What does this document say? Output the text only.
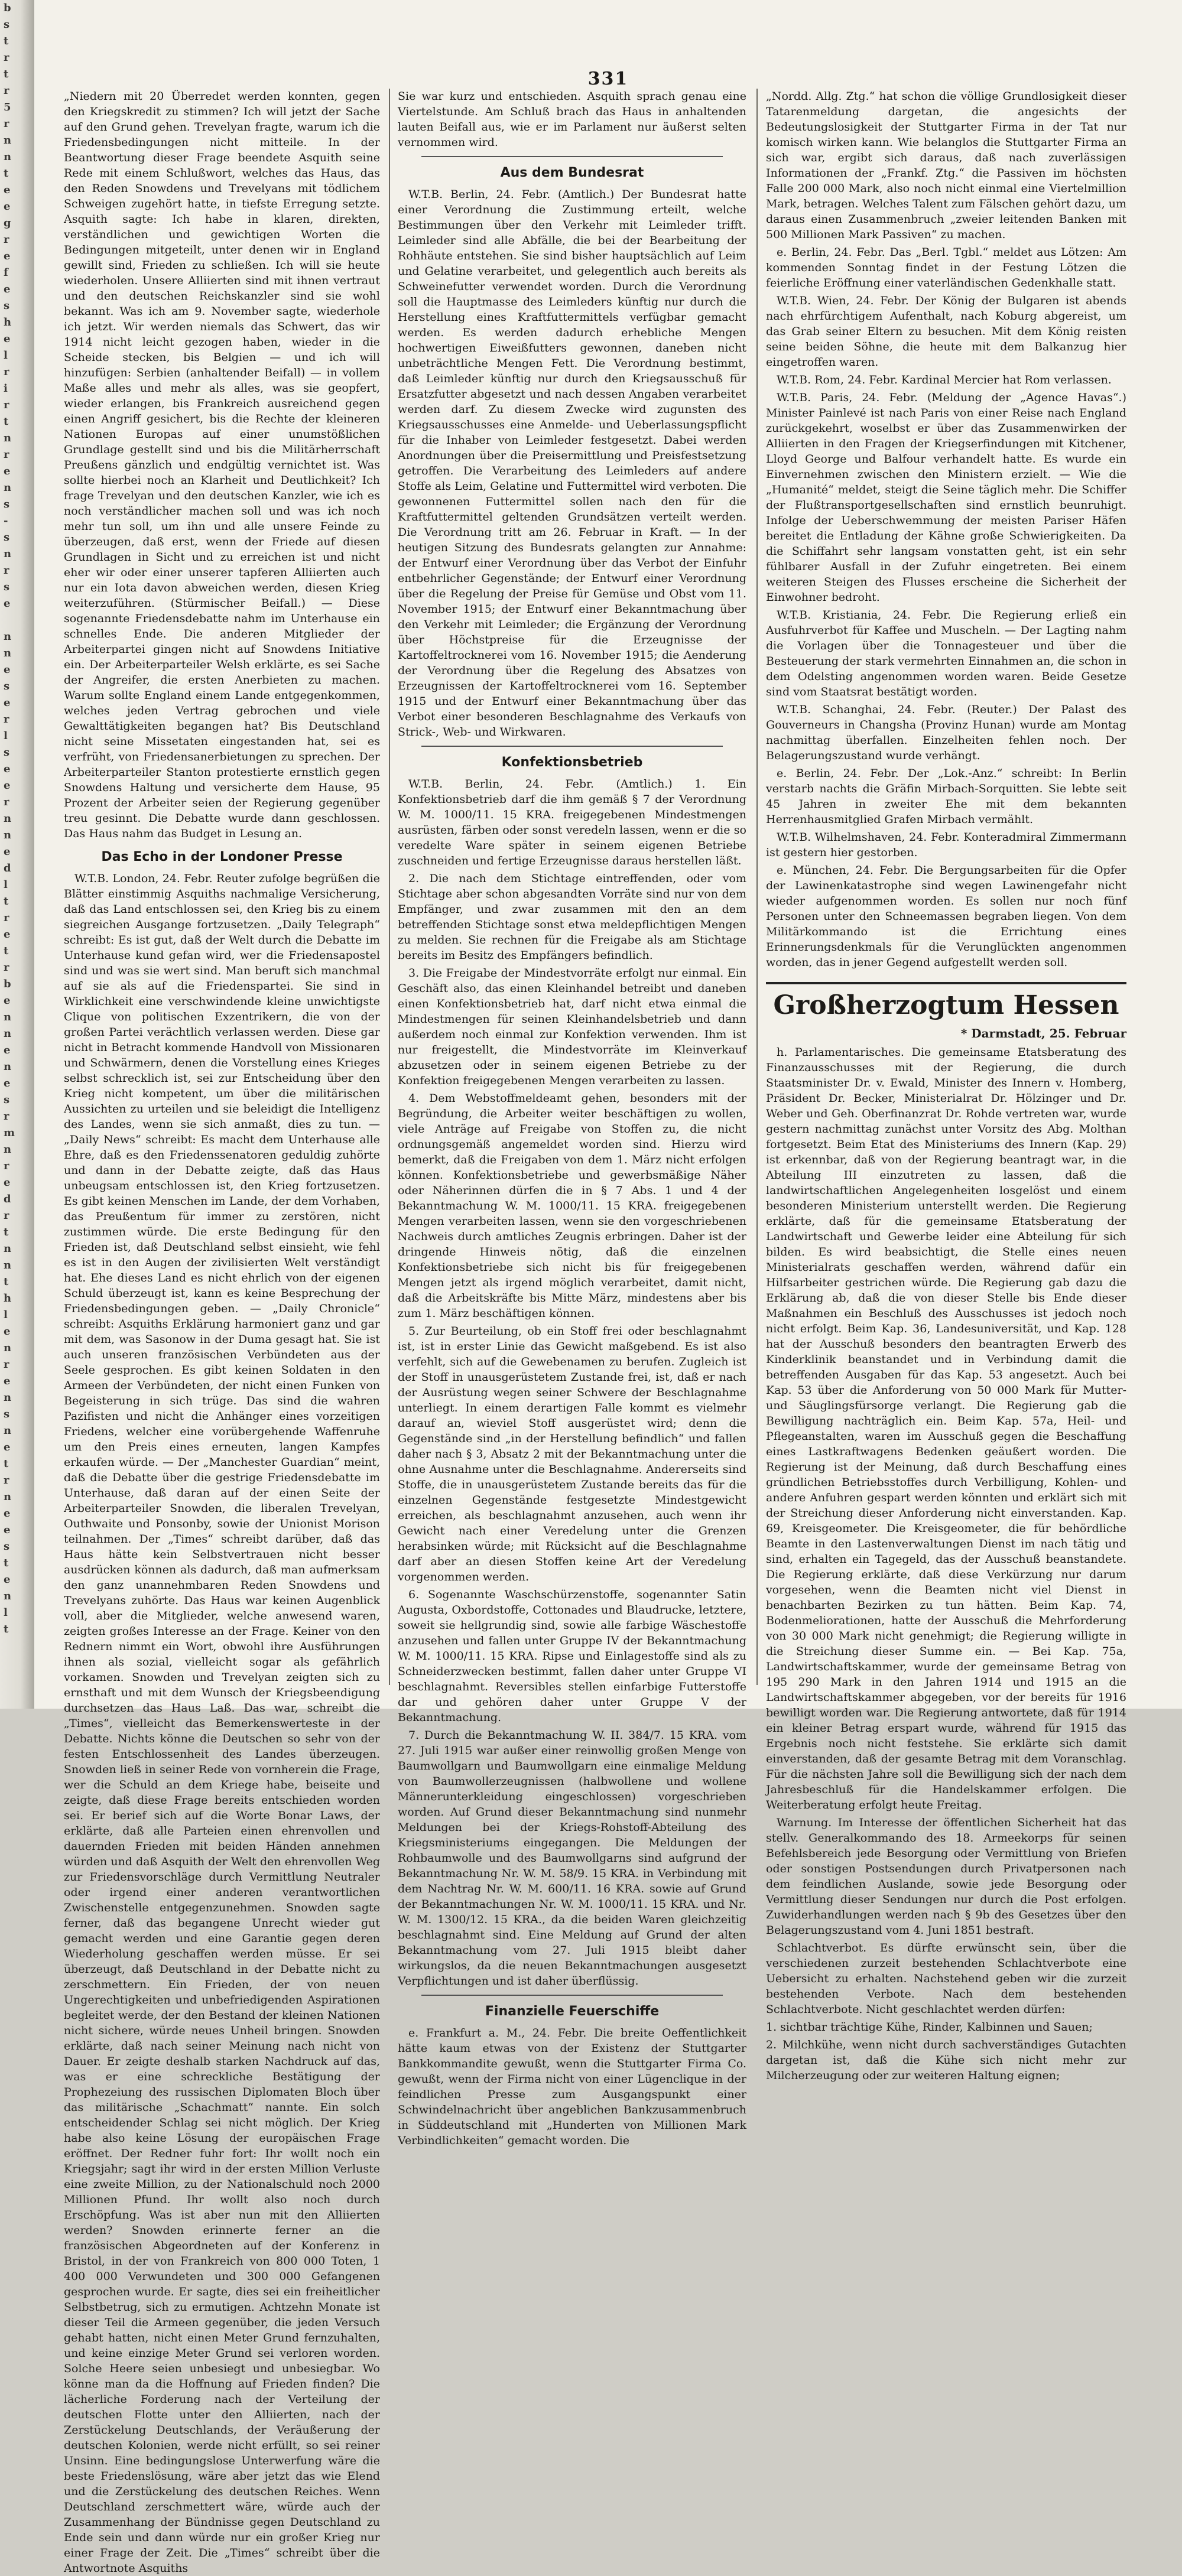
b
s
t
r
t
r
5
r
n
n
t
e
e
g
r
e
f
e
s
h
e
l
r
i
r
t
n
r
e
n
s
-
s
n
r
s
e
n
n
e
s
e
r
l
s
e
e
r
n
n
e
d
l
t
r
e
t
r
b
e
n
n
e
n
e
s
r
m
n
r
e
d
r
t
n
n
t
h
l
e
n
r
e
n
s
n
e
t
r
n
e
e
s
t
e
n
l
t
331

„Niedern mit 20 Überredet werden konnten, gegen den Kriegskredit zu stimmen? Ich will jetzt der Sache auf den Grund gehen. Trevelyan fragte, warum ich die Friedensbedingungen nicht mitteile. In der Beantwortung dieser Frage beendete Asquith seine Rede mit einem Schlußwort, welches das Haus, das den Reden Snowdens und Trevelyans mit tödlichem Schweigen zugehört hatte, in tiefste Erregung setzte. Asquith sagte: Ich habe in klaren, direkten, verständlichen und gewichtigen Worten die Bedingungen mitgeteilt, unter denen wir in England gewillt sind, Frieden zu schließen. Ich will sie heute wiederholen. Unsere Alliierten sind mit ihnen vertraut und den deutschen Reichskanzler sind sie wohl bekannt. Was ich am 9. November sagte, wiederhole ich jetzt. Wir werden niemals das Schwert, das wir 1914 nicht leicht gezogen haben, wieder in die Scheide stecken, bis Belgien — und ich will hinzufügen: Serbien (anhaltender Beifall) — in vollem Maße alles und mehr als alles, was sie geopfert, wieder erlangen, bis Frankreich ausreichend gegen einen Angriff gesichert, bis die Rechte der kleineren Nationen Europas auf einer unumstößlichen Grundlage gestellt sind und bis die Militärherrschaft Preußens gänzlich und endgültig vernichtet ist. Was sollte hierbei noch an Klarheit und Deutlichkeit? Ich frage Trevelyan und den deutschen Kanzler, wie ich es noch verständlicher machen soll und was ich noch mehr tun soll, um ihn und alle unsere Feinde zu überzeugen, daß erst, wenn der Friede auf diesen Grundlagen in Sicht und zu erreichen ist und nicht eher wir oder einer unserer tapferen Alliierten auch nur ein Iota davon abweichen werden, diesen Krieg weiterzuführen. (Stürmischer Beifall.) — Diese sogenannte Friedensdebatte nahm im Unterhause ein schnelles Ende. Die anderen Mitglieder der Arbeiterpartei gingen nicht auf Snowdens Initiative ein. Der Arbeiterparteiler Welsh erklärte, es sei Sache der Angreifer, die ersten Anerbieten zu machen. Warum sollte England einem Lande entgegenkommen, welches jeden Vertrag gebrochen und viele Gewalttätigkeiten begangen hat? Bis Deutschland nicht seine Missetaten eingestanden hat, sei es verfrüht, von Friedensanerbietungen zu sprechen. Der Arbeiterparteiler Stanton protestierte ernstlich gegen Snowdens Haltung und versicherte dem Hause, 95 Prozent der Arbeiter seien der Regierung gegenüber treu gesinnt. Die Debatte wurde dann geschlossen. Das Haus nahm das Budget in Lesung an.

Das Echo in der Londoner Presse

W.T.B. London, 24. Febr. Reuter zufolge begrüßen die Blätter einstimmig Asquiths nachmalige Versicherung, daß das Land entschlossen sei, den Krieg bis zu einem siegreichen Ausgange fortzusetzen. „Daily Telegraph“ schreibt: Es ist gut, daß der Welt durch die Debatte im Unterhause kund gefan wird, wer die Friedensapostel sind und was sie wert sind. Man beruft sich manchmal auf sie als auf die Friedenspartei. Sie sind in Wirklichkeit eine verschwindende kleine unwichtigste Clique von politischen Exzentrikern, die von der großen Partei verächtlich verlassen werden. Diese gar nicht in Betracht kommende Handvoll von Missionaren und Schwärmern, denen die Vorstellung eines Krieges selbst schrecklich ist, sei zur Entscheidung über den Krieg nicht kompetent, um über die militärischen Aussichten zu urteilen und sie beleidigt die Intelligenz des Landes, wenn sie sich anmaßt, dies zu tun. — „Daily News“ schreibt: Es macht dem Unterhause alle Ehre, daß es den Friedenssenatoren geduldig zuhörte und dann in der Debatte zeigte, daß das Haus unbeugsam entschlossen ist, den Krieg fortzusetzen. Es gibt keinen Menschen im Lande, der dem Vorhaben, das Preußentum für immer zu zerstören, nicht zustimmen würde. Die erste Bedingung für den Frieden ist, daß Deutschland selbst einsieht, wie fehl es ist in den Augen der zivilisierten Welt verständigt hat. Ehe dieses Land es nicht ehrlich von der eigenen Schuld überzeugt ist, kann es keine Besprechung der Friedensbedingungen geben. — „Daily Chronicle“ schreibt: Asquiths Erklärung harmoniert ganz und gar mit dem, was Sasonow in der Duma gesagt hat. Sie ist auch unseren französischen Verbündeten aus der Seele gesprochen. Es gibt keinen Soldaten in den Armeen der Verbündeten, der nicht einen Funken von Begeisterung in sich trüge. Das sind die wahren Pazifisten und nicht die Anhänger eines vorzeitigen Friedens, welcher eine vorübergehende Waffenruhe um den Preis eines erneuten, langen Kampfes erkaufen würde. — Der „Manchester Guardian“ meint, daß die Debatte über die gestrige Friedensdebatte im Unterhause, daß daran auf der einen Seite der Arbeiterparteiler Snowden, die liberalen Trevelyan, Outhwaite und Ponsonby, sowie der Unionist Morison teilnahmen. Der „Times“ schreibt darüber, daß das Haus hätte kein Selbstvertrauen nicht besser ausdrücken können als dadurch, daß man aufmerksam den ganz unannehmbaren Reden Snowdens und Trevelyans zuhörte. Das Haus war keinen Augenblick voll, aber die Mitglieder, welche anwesend waren, zeigten großes Interesse an der Frage. Keiner von den Rednern nimmt ein Wort, obwohl ihre Ausführungen ihnen als sozial, vielleicht sogar als gefährlich vorkamen. Snowden und Trevelyan zeigten sich zu ernsthaft und mit dem Wunsch der Kriegsbeendigung durchsetzen das Haus Laß. Das war, schreibt die „Times“, vielleicht das Bemerkenswerteste in der Debatte. Nichts könne die Deutschen so sehr von der festen Entschlossenheit des Landes überzeugen. Snowden ließ in seiner Rede von vornherein die Frage, wer die Schuld an dem Kriege habe, beiseite und zeigte, daß diese Frage bereits entschieden worden sei. Er berief sich auf die Worte Bonar Laws, der erklärte, daß alle Parteien einen ehrenvollen und dauernden Frieden mit beiden Händen annehmen würden und daß Asquith der Welt den ehrenvollen Weg zur Friedensvorschläge durch Vermittlung Neutraler oder irgend einer anderen verantwortlichen Zwischenstelle entgegenzunehmen. Snowden sagte ferner, daß das begangene Unrecht wieder gut gemacht werden und eine Garantie gegen deren Wiederholung geschaffen werden müsse. Er sei überzeugt, daß Deutschland in der Debatte nicht zu zerschmettern. Ein Frieden, der von neuen Ungerechtigkeiten und unbefriedigenden Aspirationen begleitet werde, der den Bestand der kleinen Nationen nicht sichere, würde neues Unheil bringen. Snowden erklärte, daß nach seiner Meinung nach nicht von Dauer. Er zeigte deshalb starken Nachdruck auf das, was er eine schreckliche Bestätigung der Prophezeiung des russischen Diplomaten Bloch über das militärische „Schachmatt“ nannte. Ein solch entscheidender Schlag sei nicht möglich. Der Krieg habe also keine Lösung der europäischen Frage eröffnet. Der Redner fuhr fort: Ihr wollt noch ein Kriegsjahr; sagt ihr wird in der ersten Million Verluste eine zweite Million, zu der Nationalschuld noch 2000 Millionen Pfund. Ihr wollt also noch durch Erschöpfung. Was ist aber nun mit den Alliierten werden? Snowden erinnerte ferner an die französischen Abgeordneten auf der Konferenz in Bristol, in der von Frankreich von 800 000 Toten, 1 400 000 Verwundeten und 300 000 Gefangenen gesprochen wurde. Er sagte, dies sei ein freiheitlicher Selbstbetrug, sich zu ermutigen. Achtzehn Monate ist dieser Teil die Armeen gegenüber, die jeden Versuch gehabt hatten, nicht einen Meter Grund fernzuhalten, und keine einzige Meter Grund sei verloren worden. Solche Heere seien unbesiegt und unbesiegbar. Wo könne man da die Hoffnung auf Frieden finden? Die lächerliche Forderung nach der Verteilung der deutschen Flotte unter den Alliierten, nach der Zerstückelung Deutschlands, der Veräußerung der deutschen Kolonien, werde nicht erfüllt, so sei reiner Unsinn. Eine bedingungslose Unterwerfung wäre die beste Friedenslösung, wäre aber jetzt das wie Elend und die Zerstückelung des deutschen Reiches. Wenn Deutschland zerschmettert wäre, würde auch der Zusammenhang der Bündnisse gegen Deutschland zu Ende sein und dann würde nur ein großer Krieg nur einer Frage der Zeit. Die „Times“ schreibt über die Antwortnote Asquiths

Sie war kurz und entschieden. Asquith sprach genau eine Viertelstunde. Am Schluß brach das Haus in anhaltenden lauten Beifall aus, wie er im Parlament nur äußerst selten vernommen wird.

Aus dem Bundesrat

W.T.B. Berlin, 24. Febr. (Amtlich.) Der Bundesrat hatte einer Verordnung die Zustimmung erteilt, welche Bestimmungen über den Verkehr mit Leimleder trifft. Leimleder sind alle Abfälle, die bei der Bearbeitung der Rohhäute entstehen. Sie sind bisher hauptsächlich auf Leim und Gelatine verarbeitet, und gelegentlich auch bereits als Schweinefutter verwendet worden. Durch die Verordnung soll die Hauptmasse des Leimleders künftig nur durch die Herstellung eines Kraftfuttermittels verfügbar gemacht werden. Es werden dadurch erhebliche Mengen hochwertigen Eiweißfutters gewonnen, daneben nicht unbeträchtliche Mengen Fett. Die Verordnung bestimmt, daß Leimleder künftig nur durch den Kriegsausschuß für Ersatzfutter abgesetzt und nach dessen Angaben verarbeitet werden darf. Zu diesem Zwecke wird zugunsten des Kriegsausschusses eine Anmelde- und Ueberlassungspflicht für die Inhaber von Leimleder festgesetzt. Dabei werden Anordnungen über die Preisermittlung und Preisfestsetzung getroffen. Die Verarbeitung des Leimleders auf andere Stoffe als Leim, Gelatine und Futtermittel wird verboten. Die gewonnenen Futtermittel sollen nach den für die Kraftfuttermittel geltenden Grundsätzen verteilt werden. Die Verordnung tritt am 26. Februar in Kraft. — In der heutigen Sitzung des Bundesrats gelangten zur Annahme: der Entwurf einer Verordnung über das Verbot der Einfuhr entbehrlicher Gegenstände; der Entwurf einer Verordnung über die Regelung der Preise für Gemüse und Obst vom 11. November 1915; der Entwurf einer Bekanntmachung über den Verkehr mit Leimleder; die Ergänzung der Verordnung über Höchstpreise für die Erzeugnisse der Kartoffeltrocknerei vom 16. November 1915; die Aenderung der Verordnung über die Regelung des Absatzes von Erzeugnissen der Kartoffeltrocknerei vom 16. September 1915 und der Entwurf einer Bekanntmachung über das Verbot einer besonderen Beschlagnahme des Verkaufs von Strick-, Web- und Wirkwaren.

Konfektionsbetrieb

W.T.B. Berlin, 24. Febr. (Amtlich.) 1. Ein Konfektionsbetrieb darf die ihm gemäß § 7 der Verordnung W. M. 1000/11. 15 KRA. freigegebenen Mindestmengen ausrüsten, färben oder sonst veredeln lassen, wenn er die so veredelte Ware später in seinem eigenen Betriebe zuschneiden und fertige Erzeugnisse daraus herstellen läßt.

2. Die nach dem Stichtage eintreffenden, oder vom Stichtage aber schon abgesandten Vorräte sind nur von dem Empfänger, und zwar zusammen mit den an dem betreffenden Stichtage sonst etwa meldepflichtigen Mengen zu melden. Sie rechnen für die Freigabe als am Stichtage bereits im Besitz des Empfängers befindlich.

3. Die Freigabe der Mindestvorräte erfolgt nur einmal. Ein Geschäft also, das einen Kleinhandel betreibt und daneben einen Konfektionsbetrieb hat, darf nicht etwa einmal die Mindestmengen für seinen Kleinhandelsbetrieb und dann außerdem noch einmal zur Konfektion verwenden. Ihm ist nur freigestellt, die Mindestvorräte im Kleinverkauf abzusetzen oder in seinem eigenen Betriebe zu der Konfektion freigegebenen Mengen verarbeiten zu lassen.

4. Dem Webstoffmeldeamt gehen, besonders mit der Begründung, die Arbeiter weiter beschäftigen zu wollen, viele Anträge auf Freigabe von Stoffen zu, die nicht ordnungsgemäß angemeldet worden sind. Hierzu wird bemerkt, daß die Freigaben von dem 1. März nicht erfolgen können. Konfektionsbetriebe und gewerbsmäßige Näher oder Näherinnen dürfen die in § 7 Abs. 1 und 4 der Bekanntmachung W. M. 1000/11. 15 KRA. freigegebenen Mengen verarbeiten lassen, wenn sie den vorgeschriebenen Nachweis durch amtliches Zeugnis erbringen. Daher ist der dringende Hinweis nötig, daß die einzelnen Konfektionsbetriebe sich nicht bis für freigegebenen Mengen jetzt als irgend möglich verarbeitet, damit nicht, daß die Arbeitskräfte bis Mitte März, mindestens aber bis zum 1. März beschäftigen können.

5. Zur Beurteilung, ob ein Stoff frei oder beschlagnahmt ist, ist in erster Linie das Gewicht maßgebend. Es ist also verfehlt, sich auf die Gewebenamen zu berufen. Zugleich ist der Stoff in unausgerüstetem Zustande frei, ist, daß er nach der Ausrüstung wegen seiner Schwere der Beschlagnahme unterliegt. In einem derartigen Falle kommt es vielmehr darauf an, wieviel Stoff ausgerüstet wird; denn die Gegenstände sind „in der Herstellung befindlich“ und fallen daher nach § 3, Absatz 2 mit der Bekanntmachung unter die ohne Ausnahme unter die Beschlagnahme. Andererseits sind Stoffe, die in unausgerüstetem Zustande bereits das für die einzelnen Gegenstände festgesetzte Mindestgewicht erreichen, als beschlagnahmt anzusehen, auch wenn ihr Gewicht nach einer Veredelung unter die Grenzen herabsinken würde; mit Rücksicht auf die Beschlagnahme darf aber an diesen Stoffen keine Art der Veredelung vorgenommen werden.

6. Sogenannte Waschschürzenstoffe, sogenannter Satin Augusta, Oxbordstoffe, Cottonades und Blaudrucke, letztere, soweit sie hellgrundig sind, sowie alle farbige Wäschestoffe anzusehen und fallen unter Gruppe IV der Bekanntmachung W. M. 1000/11. 15 KRA. Ripse und Einlagestoffe sind als zu Schneiderzwecken bestimmt, fallen daher unter Gruppe VI beschlagnahmt. Reversibles stellen einfarbige Futterstoffe dar und gehören daher unter Gruppe V der Bekanntmachung.

7. Durch die Bekanntmachung W. II. 384/7. 15 KRA. vom 27. Juli 1915 war außer einer reinwollig großen Menge von Baumwollgarn und Baumwollgarn eine einmalige Meldung von Baumwollerzeugnissen (halbwollene und wollene Männerunterkleidung eingeschlossen) vorgeschrieben worden. Auf Grund dieser Bekanntmachung sind nunmehr Meldungen bei der Kriegs-Rohstoff-Abteilung des Kriegsministeriums eingegangen. Die Meldungen der Rohbaumwolle und des Baumwollgarns sind aufgrund der Bekanntmachung Nr. W. M. 58/9. 15 KRA. in Verbindung mit dem Nachtrag Nr. W. M. 600/11. 16 KRA. sowie auf Grund der Bekanntmachungen Nr. W. M. 1000/11. 15 KRA. und Nr. W. M. 1300/12. 15 KRA., da die beiden Waren gleichzeitig beschlagnahmt sind. Eine Meldung auf Grund der alten Bekanntmachung vom 27. Juli 1915 bleibt daher wirkungslos, da die neuen Bekanntmachungen ausgesetzt Verpflichtungen und ist daher überflüssig.

Finanzielle Feuerschiffe

e. Frankfurt a. M., 24. Febr. Die breite Oeffentlichkeit hätte kaum etwas von der Existenz der Stuttgarter Bankkommandite gewußt, wenn die Stuttgarter Firma Co. gewußt, wenn der Firma nicht von einer Lügenclique in der feindlichen Presse zum Ausgangspunkt einer Schwindelnachricht über angeblichen Bankzusammenbruch in Süddeutschland mit „Hunderten von Millionen Mark Verbindlichkeiten“ gemacht worden. Die

„Nordd. Allg. Ztg.“ hat schon die völlige Grundlosigkeit dieser Tatarenmeldung dargetan, die angesichts der Bedeutungslosigkeit der Stuttgarter Firma in der Tat nur komisch wirken kann. Wie belanglos die Stuttgarter Firma an sich war, ergibt sich daraus, daß nach zuverlässigen Informationen der „Frankf. Ztg.“ die Passiven im höchsten Falle 200 000 Mark, also noch nicht einmal eine Viertelmillion Mark, betragen. Welches Talent zum Fälschen gehört dazu, um daraus einen Zusammenbruch „zweier leitenden Banken mit 500 Millionen Mark Passiven“ zu machen.

e. Berlin, 24. Febr. Das „Berl. Tgbl.“ meldet aus Lötzen: Am kommenden Sonntag findet in der Festung Lötzen die feierliche Eröffnung einer vaterländischen Gedenkhalle statt.

W.T.B. Wien, 24. Febr. Der König der Bulgaren ist abends nach ehrfürchtigem Aufenthalt, nach Koburg abgereist, um das Grab seiner Eltern zu besuchen. Mit dem König reisten seine beiden Söhne, die heute mit dem Balkanzug hier eingetroffen waren.

W.T.B. Rom, 24. Febr. Kardinal Mercier hat Rom verlassen.

W.T.B. Paris, 24. Febr. (Meldung der „Agence Havas“.) Minister Painlevé ist nach Paris von einer Reise nach England zurückgekehrt, woselbst er über das Zusammenwirken der Alliierten in den Fragen der Kriegserfindungen mit Kitchener, Lloyd George und Balfour verhandelt hatte. Es wurde ein Einvernehmen zwischen den Ministern erzielt. — Wie die „Humanité“ meldet, steigt die Seine täglich mehr. Die Schiffer der Flußtransportgesellschaften sind ernstlich beunruhigt. Infolge der Ueberschwemmung der meisten Pariser Häfen bereitet die Entladung der Kähne große Schwierigkeiten. Da die Schiffahrt sehr langsam vonstatten geht, ist ein sehr fühlbarer Ausfall in der Zufuhr eingetreten. Bei einem weiteren Steigen des Flusses erscheine die Sicherheit der Einwohner bedroht.

W.T.B. Kristiania, 24. Febr. Die Regierung erließ ein Ausfuhrverbot für Kaffee und Muscheln. — Der Lagting nahm die Vorlagen über die Tonnagesteuer und über die Besteuerung der stark vermehrten Einnahmen an, die schon in dem Odelsting angenommen worden waren. Beide Gesetze sind vom Staatsrat bestätigt worden.

W.T.B. Schanghai, 24. Febr. (Reuter.) Der Palast des Gouverneurs in Changsha (Provinz Hunan) wurde am Montag nachmittag überfallen. Einzelheiten fehlen noch. Der Belagerungszustand wurde verhängt.

e. Berlin, 24. Febr. Der „Lok.-Anz.“ schreibt: In Berlin verstarb nachts die Gräfin Mirbach-Sorquitten. Sie lebte seit 45 Jahren in zweiter Ehe mit dem bekannten Herrenhausmitglied Grafen Mirbach vermählt.

W.T.B. Wilhelmshaven, 24. Febr. Konteradmiral Zimmermann ist gestern hier gestorben.

e. München, 24. Febr. Die Bergungsarbeiten für die Opfer der Lawinenkatastrophe sind wegen Lawinengefahr nicht wieder aufgenommen worden. Es sollen nur noch fünf Personen unter den Schneemassen begraben liegen. Von dem Militärkommando ist die Errichtung eines Erinnerungsdenkmals für die Verunglückten angenommen worden, das in jener Gegend aufgestellt werden soll.

Großherzogtum Hessen
* Darmstadt, 25. Februar

h. Parlamentarisches. Die gemeinsame Etatsberatung des Finanzausschusses mit der Regierung, die durch Staatsminister Dr. v. Ewald, Minister des Innern v. Homberg, Präsident Dr. Becker, Ministerialrat Dr. Hölzinger und Dr. Weber und Geh. Oberfinanzrat Dr. Rohde vertreten war, wurde gestern nachmittag zunächst unter Vorsitz des Abg. Molthan fortgesetzt. Beim Etat des Ministeriums des Innern (Kap. 29) ist erkennbar, daß von der Regierung beantragt war, in die Abteilung III einzutreten zu lassen, daß die landwirtschaftlichen Angelegenheiten losgelöst und einem besonderen Ministerium unterstellt werden. Die Regierung erklärte, daß für die gemeinsame Etatsberatung der Landwirtschaft und Gewerbe leider eine Abteilung für sich bilden. Es wird beabsichtigt, die Stelle eines neuen Ministerialrats geschaffen werden, während dafür ein Hilfsarbeiter gestrichen würde. Die Regierung gab dazu die Erklärung ab, daß die von dieser Stelle bis Ende dieser Maßnahmen ein Beschluß des Ausschusses ist jedoch noch nicht erfolgt. Beim Kap. 36, Landesuniversität, und Kap. 128 hat der Ausschuß besonders den beantragten Erwerb des Kinderklinik beanstandet und in Verbindung damit die betreffenden Ausgaben für das Kap. 53 angesetzt. Auch bei Kap. 53 über die Anforderung von 50 000 Mark für Mutter- und Säuglingsfürsorge verlangt. Die Regierung gab die Bewilligung nachträglich ein. Beim Kap. 57a, Heil- und Pflegeanstalten, waren im Ausschuß gegen die Beschaffung eines Lastkraftwagens Bedenken geäußert worden. Die Regierung ist der Meinung, daß durch Beschaffung eines gründlichen Betriebsstoffes durch Verbilligung, Kohlen- und andere Anfuhren gespart werden könnten und erklärt sich mit der Streichung dieser Anforderung nicht einverstanden. Kap. 69, Kreisgeometer. Die Kreisgeometer, die für behördliche Beamte in den Lastenverwaltungen Dienst im nach tätig und sind, erhalten ein Tagegeld, das der Ausschuß beanstandete. Die Regierung erklärte, daß diese Verkürzung nur darum vorgesehen, wenn die Beamten nicht viel Dienst in benachbarten Bezirken zu tun hätten. Beim Kap. 74, Bodenmeliorationen, hatte der Ausschuß die Mehrforderung von 30 000 Mark nicht genehmigt; die Regierung willigte in die Streichung dieser Summe ein. — Bei Kap. 75a, Landwirtschaftskammer, wurde der gemeinsame Betrag von 195 290 Mark in den Jahren 1914 und 1915 an die Landwirtschaftskammer abgegeben, vor der bereits für 1916 bewilligt worden war. Die Regierung antwortete, daß für 1914 ein kleiner Betrag erspart wurde, während für 1915 das Ergebnis noch nicht feststehe. Sie erklärte sich damit einverstanden, daß der gesamte Betrag mit dem Voranschlag. Für die nächsten Jahre soll die Bewilligung sich der nach dem Jahresbeschluß für die Handelskammer erfolgen. Die Weiterberatung erfolgt heute Freitag.

Warnung. Im Interesse der öffentlichen Sicherheit hat das stellv. Generalkommando des 18. Armeekorps für seinen Befehlsbereich jede Besorgung oder Vermittlung von Briefen oder sonstigen Postsendungen durch Privatpersonen nach dem feindlichen Auslande, sowie jede Besorgung oder Vermittlung dieser Sendungen nur durch die Post erfolgen. Zuwiderhandlungen werden nach § 9b des Gesetzes über den Belagerungszustand vom 4. Juni 1851 bestraft.

Schlachtverbot. Es dürfte erwünscht sein, über die verschiedenen zurzeit bestehenden Schlachtverbote eine Uebersicht zu erhalten. Nachstehend geben wir die zurzeit bestehenden Verbote. Nach dem bestehenden Schlachtverbote. Nicht geschlachtet werden dürfen:

1. sichtbar trächtige Kühe, Rinder, Kalbinnen und Sauen;

2. Milchkühe, wenn nicht durch sachverständiges Gutachten dargetan ist, daß die Kühe sich nicht mehr zur Milcherzeugung oder zur weiteren Haltung eignen;
